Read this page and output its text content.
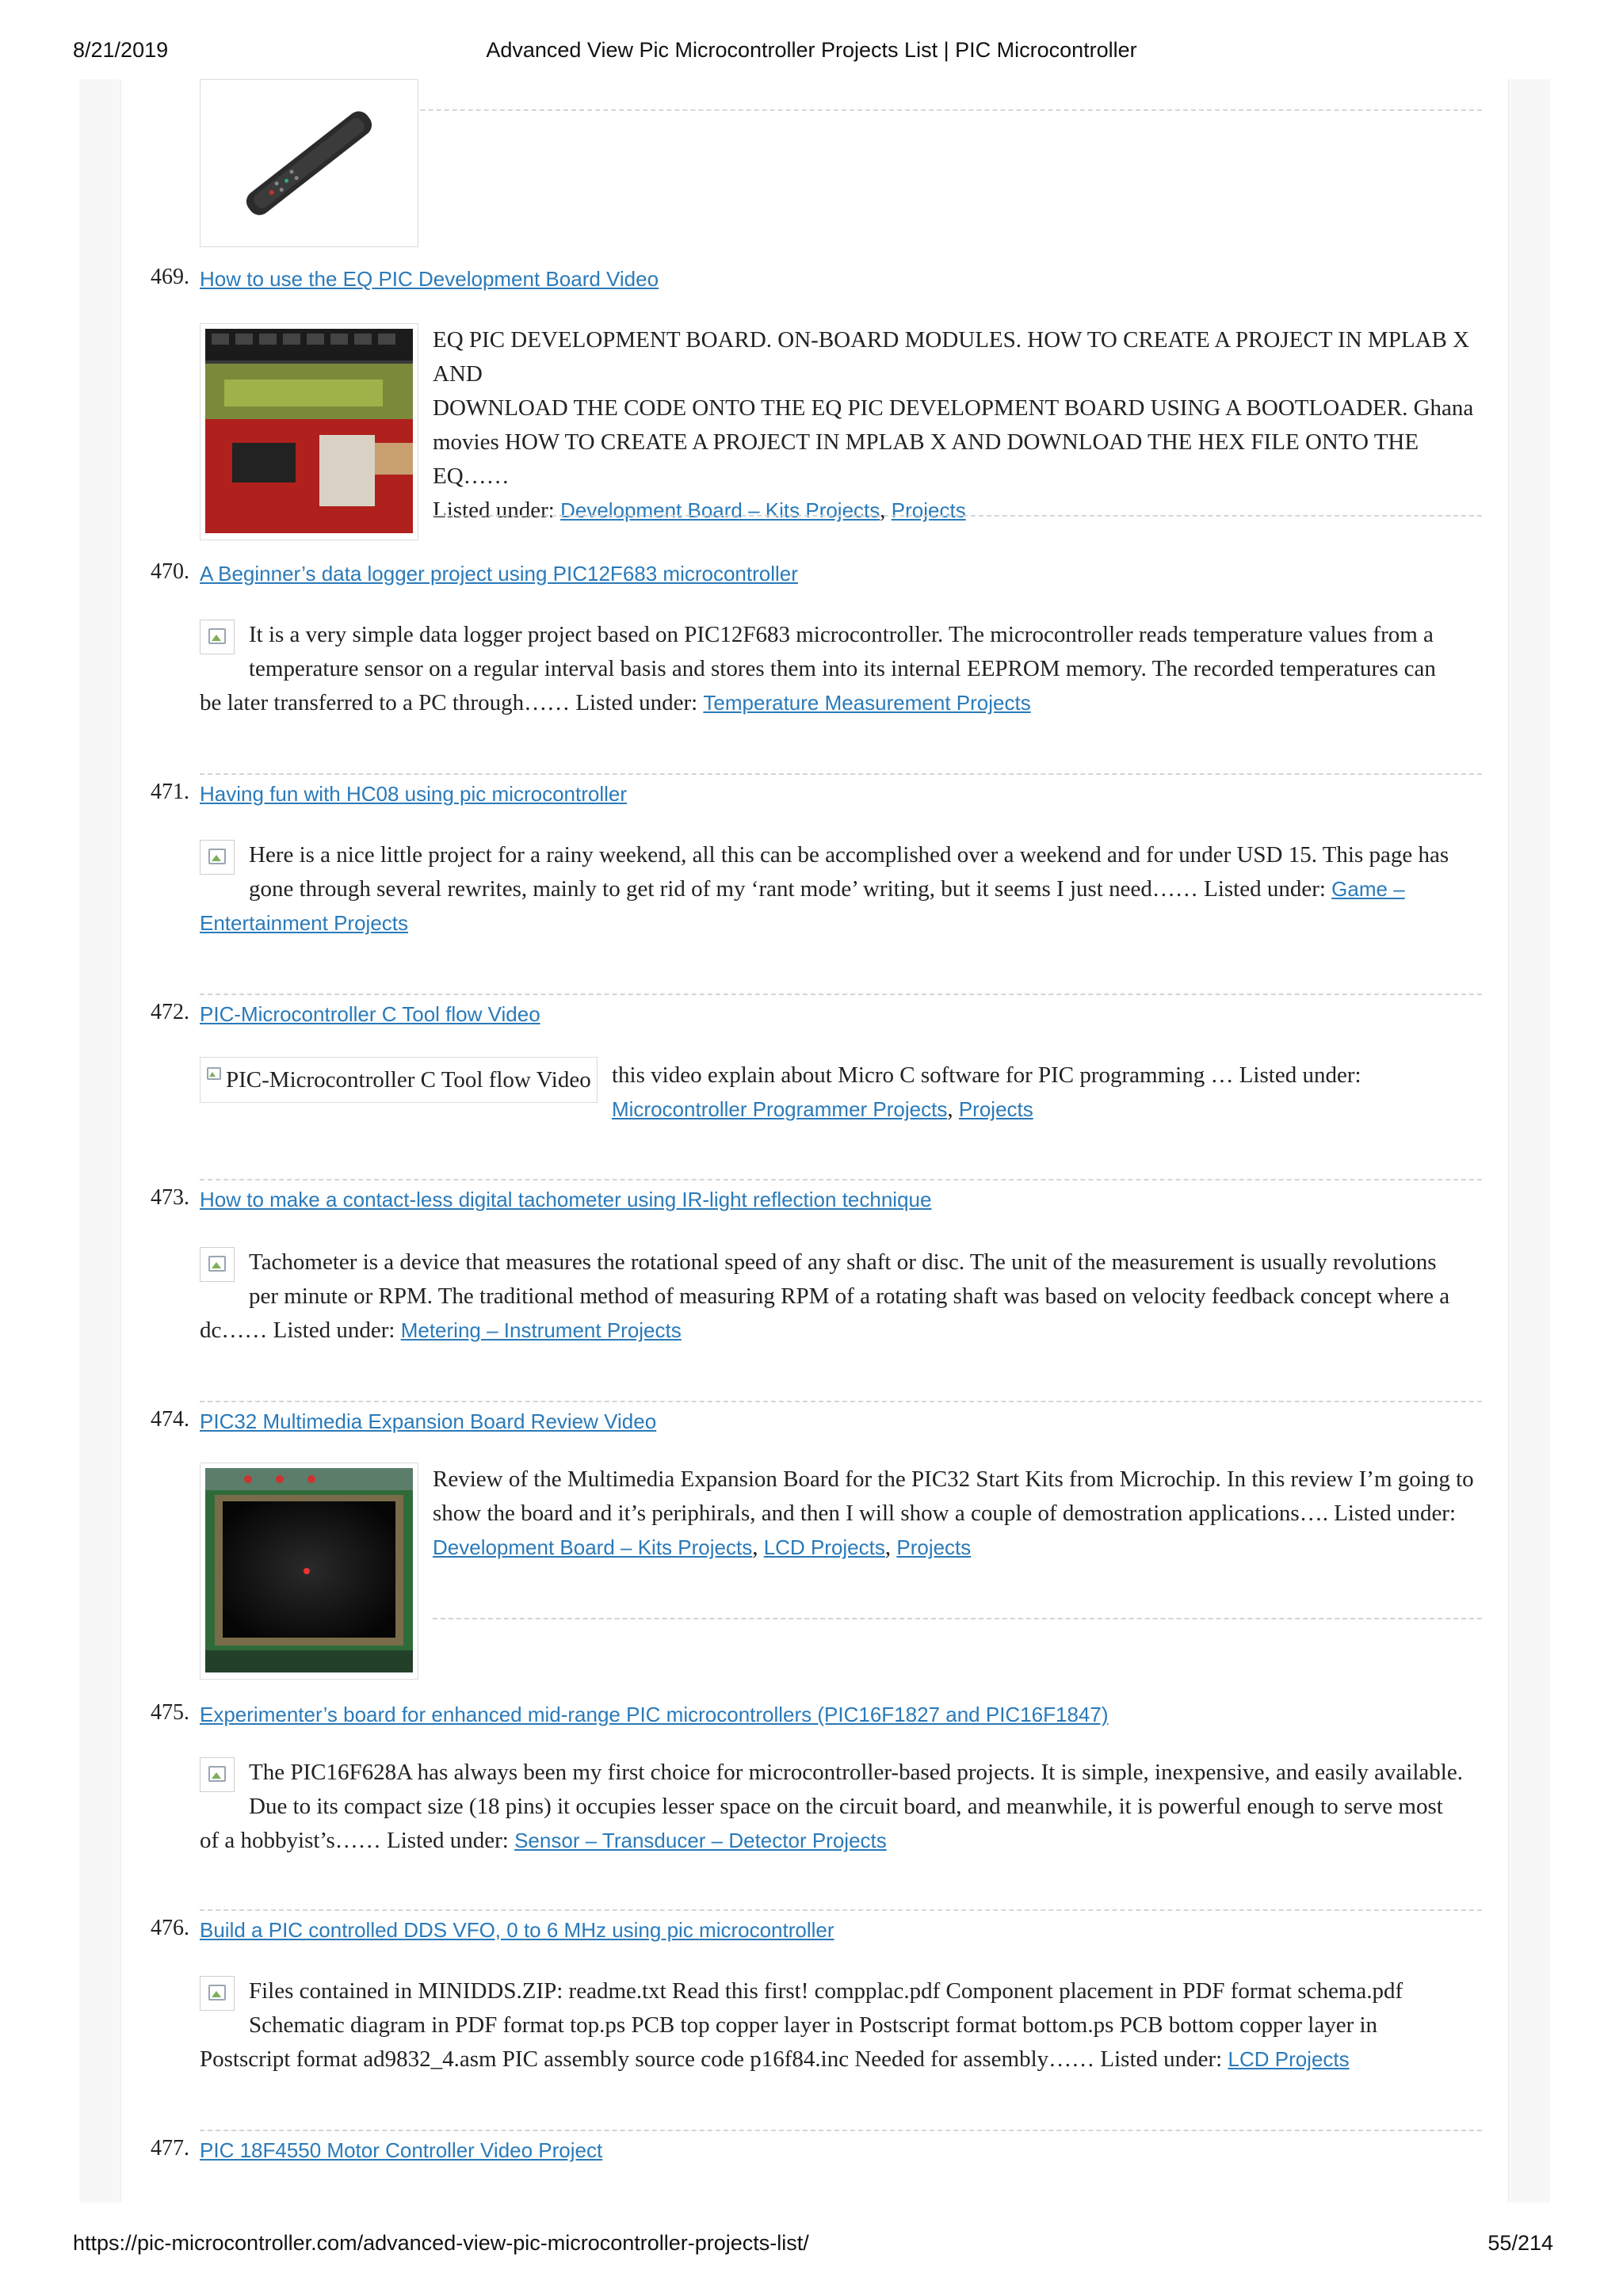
8/21/2019	Advanced View Pic Microcontroller Projects List | PIC Microcontroller
469. How to use the EQ PIC Development Board Video
EQ PIC DEVELOPMENT BOARD. ON-BOARD MODULES. HOW TO CREATE A PROJECT IN MPLAB X AND
DOWNLOAD THE CODE ONTO THE EQ PIC DEVELOPMENT BOARD USING A BOOTLOADER. Ghana
movies HOW TO CREATE A PROJECT IN MPLAB X AND DOWNLOAD THE HEX FILE ONTO THE EQ……
Listed under: Development Board – Kits Projects, Projects
470. A Beginner’s data logger project using PIC12F683 microcontroller
It is a very simple data logger project based on PIC12F683 microcontroller. The microcontroller reads temperature values from a
temperature sensor on a regular interval basis and stores them into its internal EEPROM memory. The recorded temperatures can
be later transferred to a PC through…… Listed under: Temperature Measurement Projects
471. Having fun with HC08 using pic microcontroller
Here is a nice little project for a rainy weekend, all this can be accomplished over a weekend and for under USD 15. This page has
gone through several rewrites, mainly to get rid of my ‘rant mode’ writing, but it seems I just need…… Listed under: Game –
Entertainment Projects
472. PIC-Microcontroller C Tool flow Video
PIC-Microcontroller C Tool flow Video this video explain about Micro C software for PIC programming … Listed under:
Microcontroller Programmer Projects, Projects
473. How to make a contact-less digital tachometer using IR-light reflection technique
Tachometer is a device that measures the rotational speed of any shaft or disc. The unit of the measurement is usually revolutions
per minute or RPM. The traditional method of measuring RPM of a rotating shaft was based on velocity feedback concept where a
dc…… Listed under: Metering – Instrument Projects
474. PIC32 Multimedia Expansion Board Review Video
Review of the Multimedia Expansion Board for the PIC32 Start Kits from Microchip. In this review I’m going to
show the board and it’s periphirals, and then I will show a couple of demostration applications…. Listed under:
Development Board – Kits Projects, LCD Projects, Projects
475. Experimenter’s board for enhanced mid-range PIC microcontrollers (PIC16F1827 and PIC16F1847)
The PIC16F628A has always been my first choice for microcontroller-based projects. It is simple, inexpensive, and easily available.
Due to its compact size (18 pins) it occupies lesser space on the circuit board, and meanwhile, it is powerful enough to serve most
of a hobbyist’s…… Listed under: Sensor – Transducer – Detector Projects
476. Build a PIC controlled DDS VFO, 0 to 6 MHz using pic microcontroller
Files contained in MINIDDS.ZIP: readme.txt Read this first! compplac.pdf Component placement in PDF format schema.pdf
Schematic diagram in PDF format top.ps PCB top copper layer in Postscript format bottom.ps PCB bottom copper layer in
Postscript format ad9832_4.asm PIC assembly source code p16f84.inc Needed for assembly…… Listed under: LCD Projects
477. PIC 18F4550 Motor Controller Video Project
https://pic-microcontroller.com/advanced-view-pic-microcontroller-projects-list/	55/214
